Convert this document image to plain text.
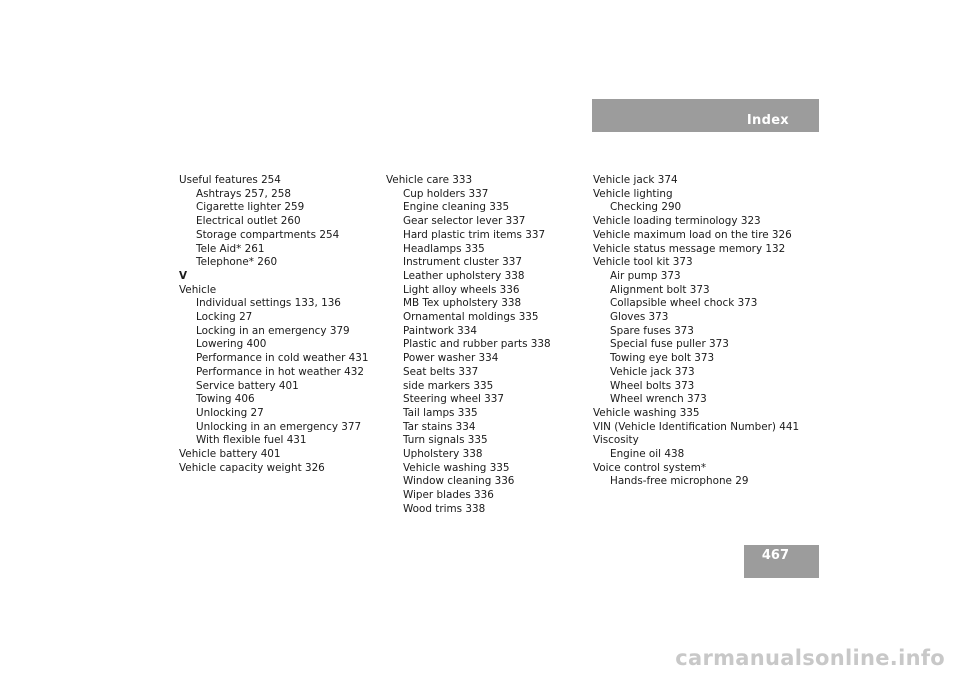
Index
Useful features 254
Ashtrays 257, 258
Cigarette lighter 259
Electrical outlet 260
Storage compartments 254
Tele Aid* 261
Telephone* 260
V
Vehicle
Individual settings 133, 136
Locking 27
Locking in an emergency 379
Lowering 400
Performance in cold weather 431
Performance in hot weather 432
Service battery 401
Towing 406
Unlocking 27
Unlocking in an emergency 377
With flexible fuel 431
Vehicle battery 401
Vehicle capacity weight 326
Vehicle care 333
Cup holders 337
Engine cleaning 335
Gear selector lever 337
Hard plastic trim items 337
Headlamps 335
Instrument cluster 337
Leather upholstery 338
Light alloy wheels 336
MB Tex upholstery 338
Ornamental moldings 335
Paintwork 334
Plastic and rubber parts 338
Power washer 334
Seat belts 337
side markers 335
Steering wheel 337
Tail lamps 335
Tar stains 334
Turn signals 335
Upholstery 338
Vehicle washing 335
Window cleaning 336
Wiper blades 336
Wood trims 338
Vehicle jack 374
Vehicle lighting
Checking 290
Vehicle loading terminology 323
Vehicle maximum load on the tire 326
Vehicle status message memory 132
Vehicle tool kit 373
Air pump 373
Alignment bolt 373
Collapsible wheel chock 373
Gloves 373
Spare fuses 373
Special fuse puller 373
Towing eye bolt 373
Vehicle jack 373
Wheel bolts 373
Wheel wrench 373
Vehicle washing 335
VIN (Vehicle Identification Number) 441
Viscosity
Engine oil 438
Voice control system*
Hands-free microphone 29
467
carmanualsonline.info
